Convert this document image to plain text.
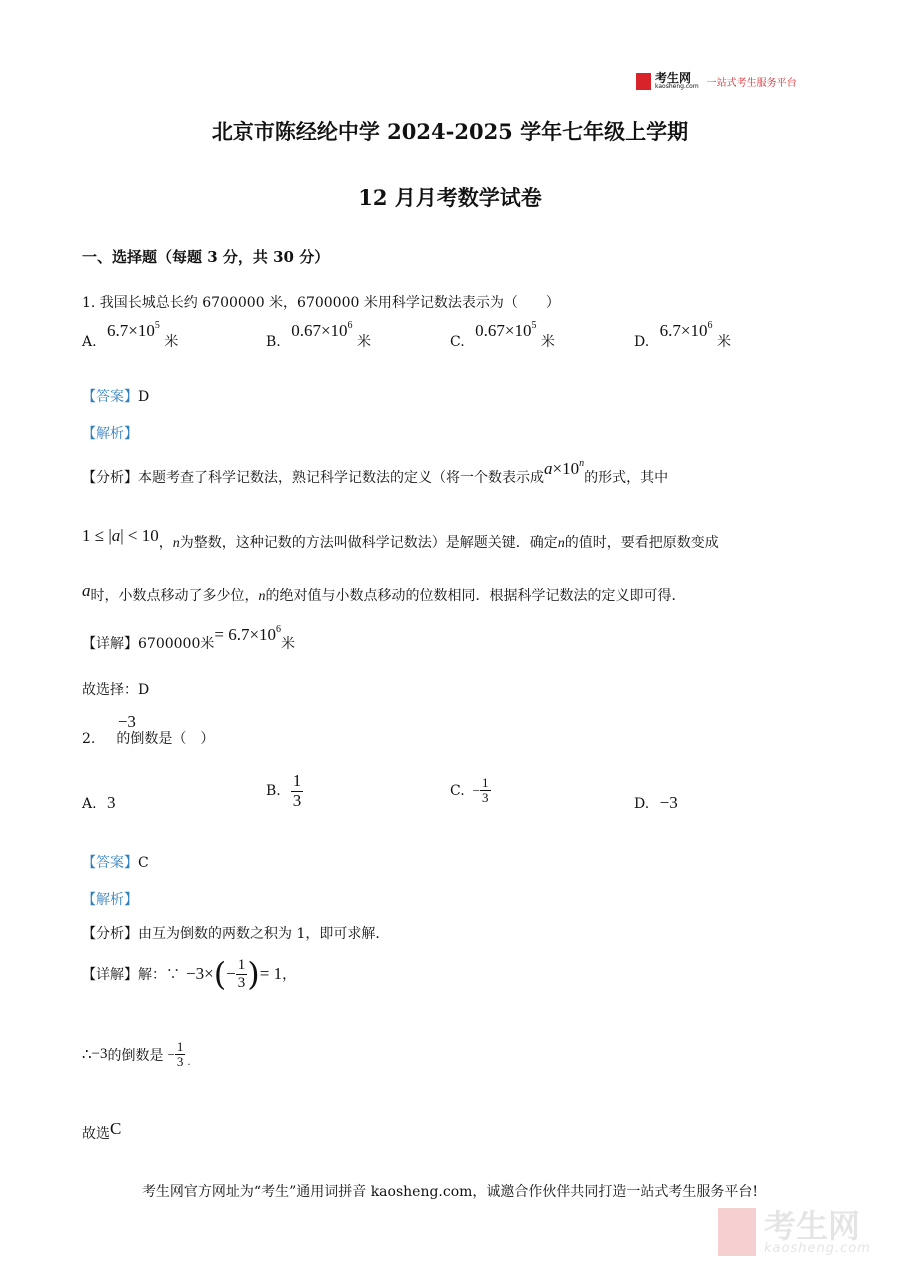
考生网
kaosheng.com 一站式考生服务平台
北京市陈经纶中学 2024-2025 学年七年级上学期
12 月月考数学试卷
一、选择题（每题 3 分，共 30 分）
1. 我国长城总长约 6700000 米，6700000 米用科学记数法表示为（　　）
A. $6.7\times 10^5$ 米	B. $0.67\times 10^6$ 米	C. $0.67\times 10^5$ 米	D. $6.7\times 10^6$ 米
【答案】D
【解析】
【分析】本题考查了科学记数法，熟记科学记数法的定义（将一个数表示成$a\times 10^n$的形式，其中
1 ≤ |a| < 10，n为整数，这种记数的方法叫做科学记数法）是解题关键．确定n的值时，要看把原数变成
a时，小数点移动了多少位，n的绝对值与小数点移动的位数相同．根据科学记数法的定义即可得．
【详解】6700000米= $6.7\times 10^6$米
故选择：D
2. −3 的倒数是（　）
A. 3
B. $\frac{1}{3}$	C. − $\frac{1}{3}$	D. −3
【答案】C
【解析】
【分析】由互为倒数的两数之积为 1，即可求解．
【详解】 解：∵ −3× ( − $\frac{1}{3}$ ) = 1 ，
∴ −3 的倒数是 − $\frac{1}{3}$ .
故选C
考生网官方网址为“考生”通用词拼音 kaosheng.com，诚邀合作伙伴共同打造一站式考生服务平台!
考生网
kaosheng.com
